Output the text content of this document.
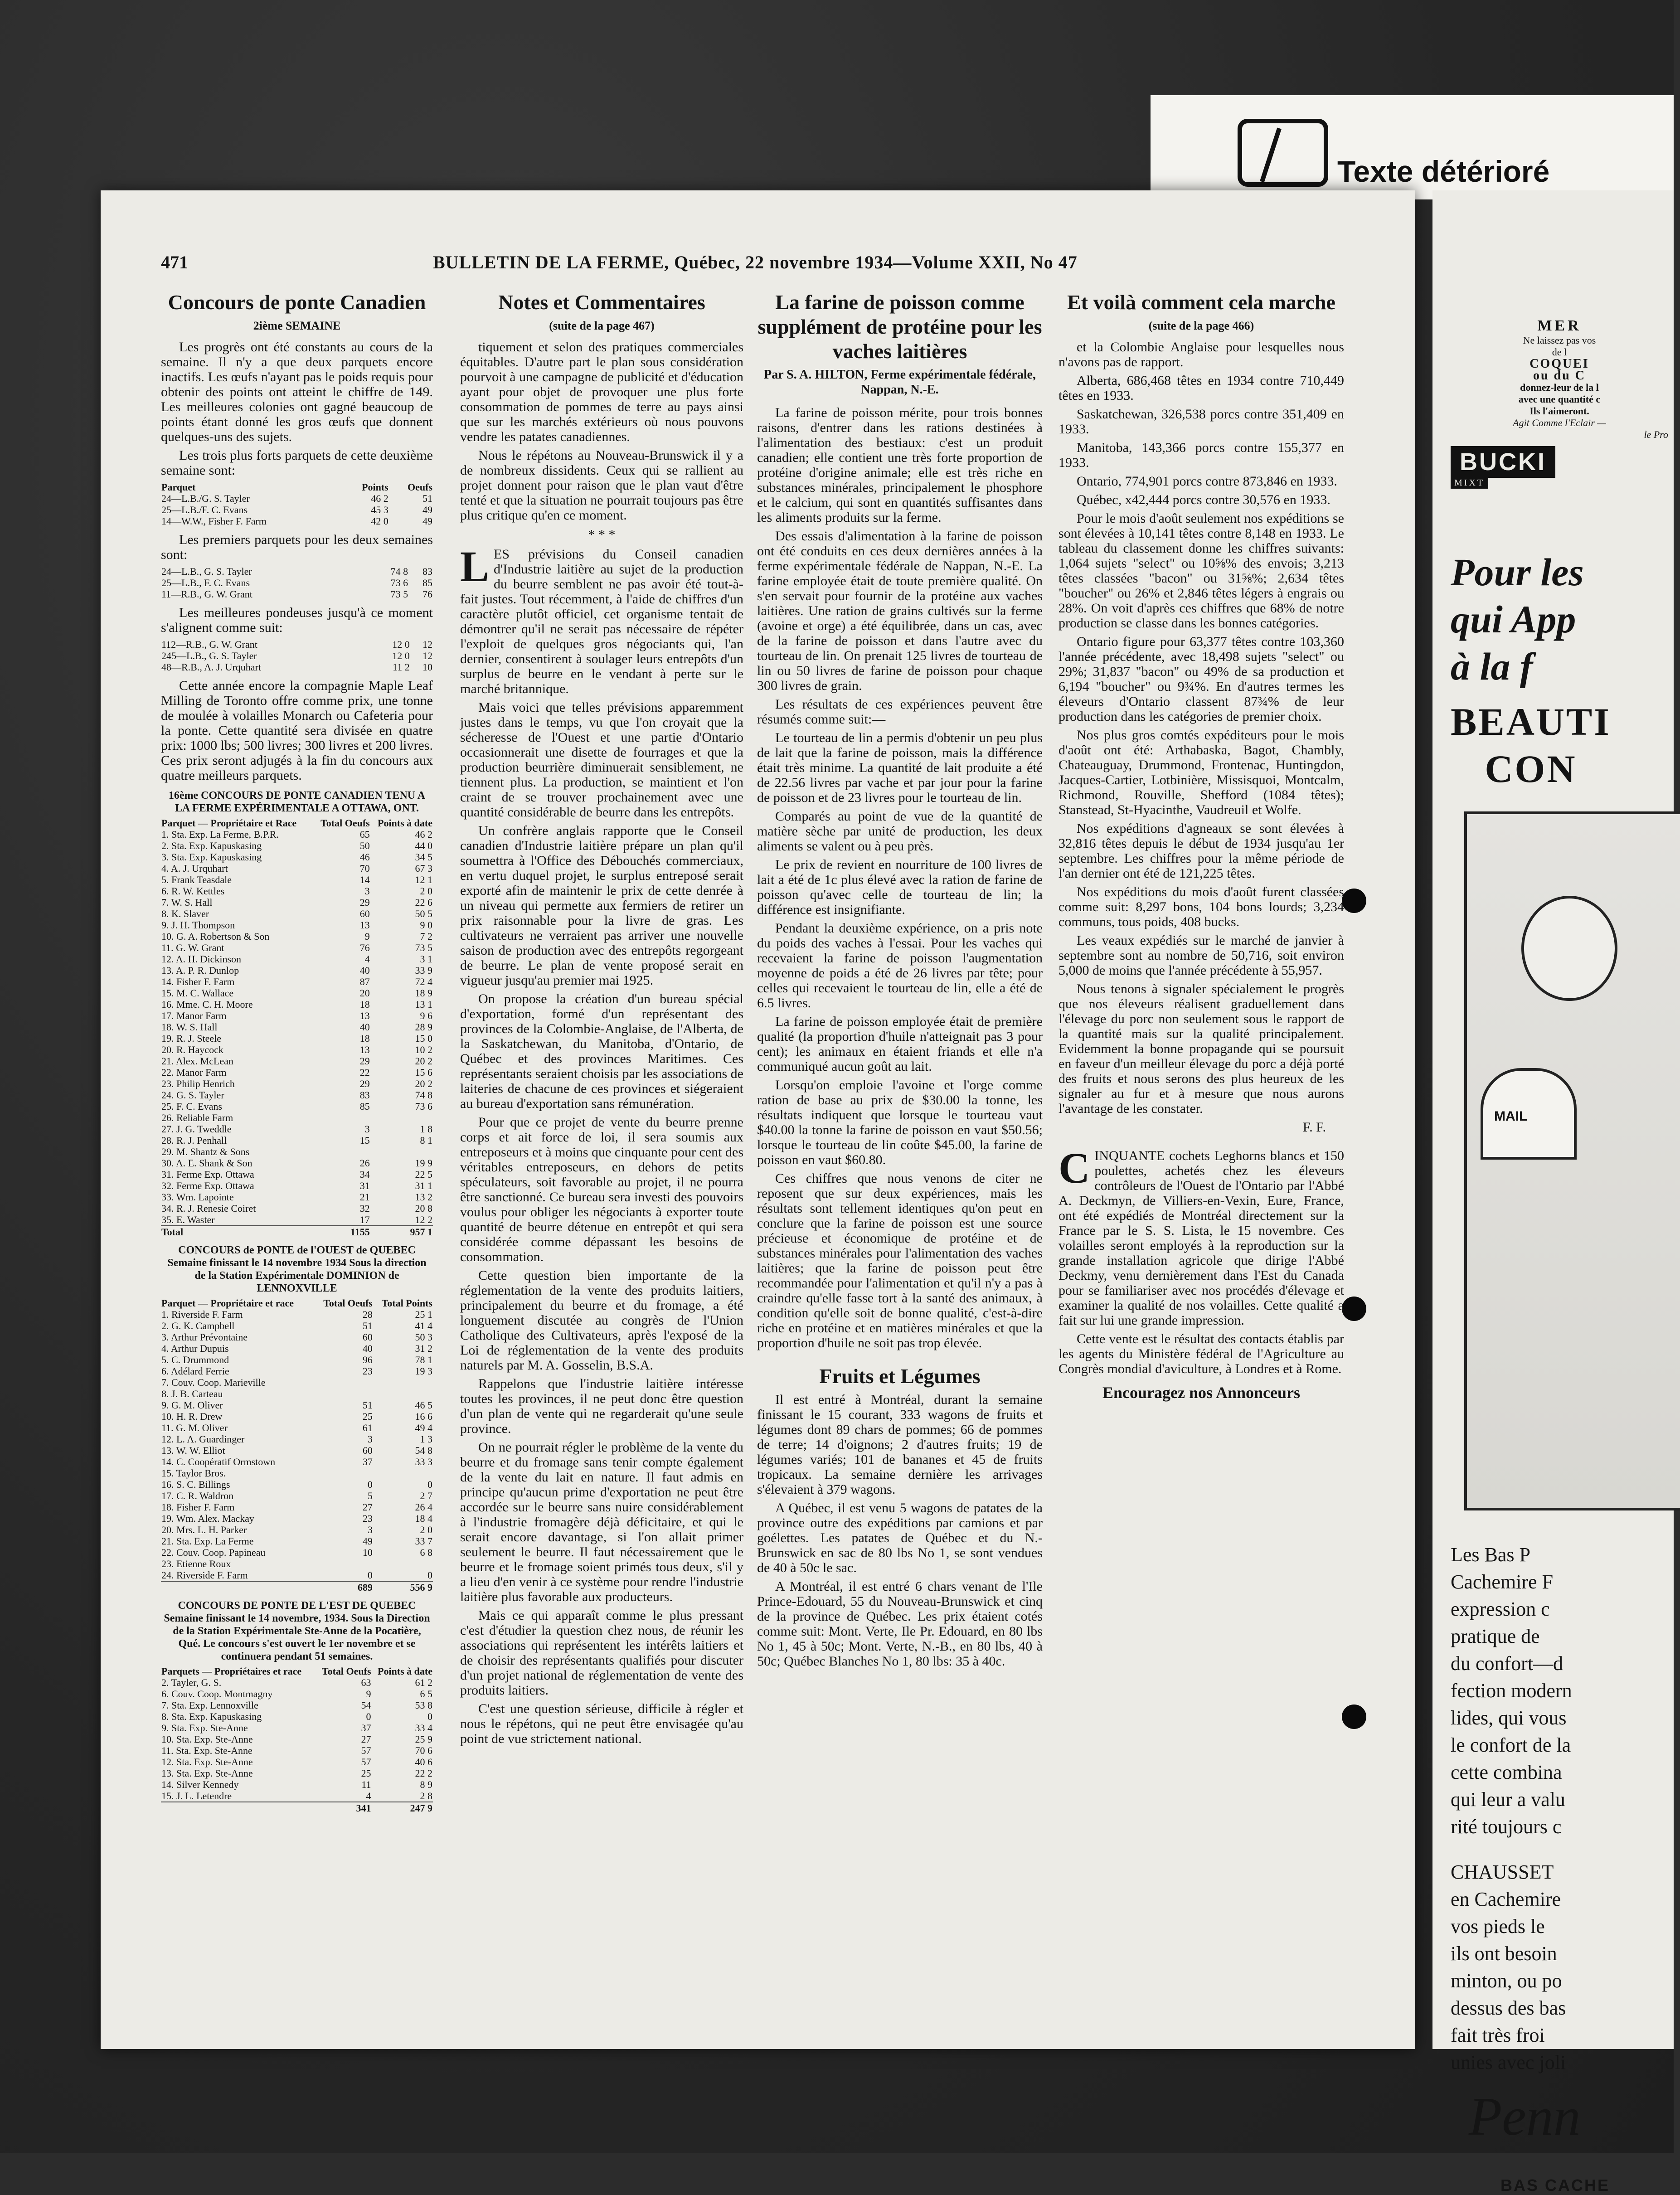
Texte détérioré
471	BULLETIN DE LA FERME, Québec, 22 novembre 1934—Volume XXII, No 47
Concours de ponte Canadien
2ième SEMAINE

Les progrès ont été constants au cours de la semaine. Il n'y a que deux parquets encore inactifs. Les œufs n'ayant pas le poids requis pour obtenir des points ont atteint le chiffre de 149. Les meilleures colonies ont gagné beaucoup de points étant donné les gros œufs que donnent quelques-uns des sujets.

Les trois plus forts parquets de cette deuxième semaine sont:

Parquet	Points	Oeufs
24—L.B./G. S. Tayler	46 2	51
25—L.B./F. C. Evans	45 3	49
14—W.W., Fisher F. Farm	42 0	49

Les premiers parquets pour les deux semaines sont:

24—L.B., G. S. Tayler	74 8	83
25—L.B., F. C. Evans	73 6	85
11—R.B., G. W. Grant	73 5	76

Les meilleures pondeuses jusqu'à ce moment s'alignent comme suit:

112—R.B., G. W. Grant	12 0	12
245—L.B., G. S. Tayler	12 0	12
48—R.B., A. J. Urquhart	11 2	10

Cette année encore la compagnie Maple Leaf Milling de Toronto offre comme prix, une tonne de moulée à volailles Monarch ou Cafeteria pour la ponte. Cette quantité sera divisée en quatre prix: 1000 lbs; 500 livres; 300 livres et 200 livres. Ces prix seront adjugés à la fin du concours aux quatre meilleurs parquets.

16ème CONCOURS DE PONTE CANADIEN TENU A LA FERME EXPÉRIMENTALE A OTTAWA, ONT.
Parquet — Propriétaire et Race	Total Oeufs	Points à date
1. Sta. Exp. La Ferme, B.P.R.	65	46 2
2. Sta. Exp. Kapuskasing	50	44 0
3. Sta. Exp. Kapuskasing	46	34 5
4. A. J. Urquhart	70	67 3
5. Frank Teasdale	14	12 1
6. R. W. Kettles	3	2 0
7. W. S. Hall	29	22 6
8. K. Slaver	60	50 5
9. J. H. Thompson	13	9 0
10. G. A. Robertson & Son	9	7 2
11. G. W. Grant	76	73 5
12. A. H. Dickinson	4	3 1
13. A. P. R. Dunlop	40	33 9
14. Fisher F. Farm	87	72 4
15. M. C. Wallace	20	18 9
16. Mme. C. H. Moore	18	13 1
17. Manor Farm	13	9 6
18. W. S. Hall	40	28 9
19. R. J. Steele	18	15 0
20. R. Haycock	13	10 2
21. Alex. McLean	29	20 2
22. Manor Farm	22	15 6
23. Philip Henrich	29	20 2
24. G. S. Tayler	83	74 8
25. F. C. Evans	85	73 6
26. Reliable Farm		
27. J. G. Tweddle	3	1 8
28. R. J. Penhall	15	8 1
29. M. Shantz & Sons		
30. A. E. Shank & Son	26	19 9
31. Ferme Exp. Ottawa	34	22 5
32. Ferme Exp. Ottawa	31	31 1
33. Wm. Lapointe	21	13 2
34. R. J. Renesie Coiret	32	20 8
35. E. Waster	17	12 2
Total	1155	957 1
CONCOURS de PONTE de l'OUEST de QUEBEC Semaine finissant le 14 novembre 1934 Sous la direction de la Station Expérimentale DOMINION de LENNOXVILLE
Parquet — Propriétaire et race	Total Oeufs	Total Points
1. Riverside F. Farm	28	25 1
2. G. K. Campbell	51	41 4
3. Arthur Prévontaine	60	50 3
4. Arthur Dupuis	40	31 2
5. C. Drummond	96	78 1
6. Adélard Ferrie	23	19 3
7. Couv. Coop. Marieville		
8. J. B. Carteau		
9. G. M. Oliver	51	46 5
10. H. R. Drew	25	16 6
11. G. M. Oliver	61	49 4
12. L. A. Guardinger	3	1 3
13. W. W. Elliot	60	54 8
14. C. Coopératif Ormstown	37	33 3
15. Taylor Bros.		
16. S. C. Billings	0	0
17. C. R. Waldron	5	2 7
18. Fisher F. Farm	27	26 4
19. Wm. Alex. Mackay	23	18 4
20. Mrs. L. H. Parker	3	2 0
21. Sta. Exp. La Ferme	49	33 7
22. Couv. Coop. Papineau	10	6 8
23. Etienne Roux		
24. Riverside F. Farm	0	0
	689	556 9
CONCOURS DE PONTE DE L'EST DE QUEBEC Semaine finissant le 14 novembre, 1934. Sous la Direction de la Station Expérimentale Ste-Anne de la Pocatière, Qué. Le concours s'est ouvert le 1er novembre et se continuera pendant 51 semaines.
Parquets — Propriétaires et race	Total Oeufs	Points à date
2. Tayler, G. S.	63	61 2
6. Couv. Coop. Montmagny	9	6 5
7. Sta. Exp. Lennoxville	54	53 8
8. Sta. Exp. Kapuskasing	0	0
9. Sta. Exp. Ste-Anne	37	33 4
10. Sta. Exp. Ste-Anne	27	25 9
11. Sta. Exp. Ste-Anne	57	70 6
12. Sta. Exp. Ste-Anne	57	40 6
13. Sta. Exp. Ste-Anne	25	22 2
14. Silver Kennedy	11	8 9
15. J. L. Letendre	4	2 8
	341	247 9
Notes et Commentaires
(suite de la page 467)

tiquement et selon des pratiques commerciales équitables. D'autre part le plan sous considération pourvoit à une campagne de publicité et d'éducation ayant pour objet de provoquer une plus forte consommation de pommes de terre au pays ainsi que sur les marchés extérieurs où nous pouvons vendre les patates canadiennes.

Nous le répétons au Nouveau-Brunswick il y a de nombreux dissidents. Ceux qui se rallient au projet donnent pour raison que le plan vaut d'être tenté et que la situation ne pourrait toujours pas être plus critique qu'en ce moment.

* * *

LES prévisions du Conseil canadien d'Industrie laitière au sujet de la production du beurre semblent ne pas avoir été tout-à-fait justes. Tout récemment, à l'aide de chiffres d'un caractère plutôt officiel, cet organisme tentait de démontrer qu'il ne serait pas nécessaire de répéter l'exploit de quelques gros négociants qui, l'an dernier, consentirent à soulager leurs entrepôts d'un surplus de beurre en le vendant à perte sur le marché britannique.

Mais voici que telles prévisions apparemment justes dans le temps, vu que l'on croyait que la sécheresse de l'Ouest et une partie d'Ontario occasionnerait une disette de fourrages et que la production beurrière diminuerait sensiblement, ne tiennent plus. La production, se maintient et l'on craint de se trouver prochainement avec une quantité considérable de beurre dans les entrepôts.

Un confrère anglais rapporte que le Conseil canadien d'Industrie laitière prépare un plan qu'il soumettra à l'Office des Débouchés commerciaux, en vertu duquel projet, le surplus entreposé serait exporté afin de maintenir le prix de cette denrée à un niveau qui permette aux fermiers de retirer un prix raisonnable pour la livre de gras. Les cultivateurs ne verraient pas arriver une nouvelle saison de production avec des entrepôts regorgeant de beurre. Le plan de vente proposé serait en vigueur jusqu'au premier mai 1925.

On propose la création d'un bureau spécial d'exportation, formé d'un représentant des provinces de la Colombie-Anglaise, de l'Alberta, de la Saskatchewan, du Manitoba, d'Ontario, de Québec et des provinces Maritimes. Ces représentants seraient choisis par les associations de laiteries de chacune de ces provinces et siégeraient au bureau d'exportation sans rémunération.

Pour que ce projet de vente du beurre prenne corps et ait force de loi, il sera soumis aux entreposeurs et à moins que cinquante pour cent des véritables entreposeurs, en dehors de petits spéculateurs, soit favorable au projet, il ne pourra être sanctionné. Ce bureau sera investi des pouvoirs voulus pour obliger les négociants à exporter toute quantité de beurre détenue en entrepôt et qui sera considérée comme dépassant les besoins de consommation.

Cette question bien importante de la réglementation de la vente des produits laitiers, principalement du beurre et du fromage, a été longuement discutée au congrès de l'Union Catholique des Cultivateurs, après l'exposé de la Loi de réglementation de la vente des produits naturels par M. A. Gosselin, B.S.A.

Rappelons que l'industrie laitière intéresse toutes les provinces, il ne peut donc être question d'un plan de vente qui ne regarderait qu'une seule province.

On ne pourrait régler le problème de la vente du beurre et du fromage sans tenir compte également de la vente du lait en nature. Il faut admis en principe qu'aucun prime d'exportation ne peut être accordée sur le beurre sans nuire considérablement à l'industrie fromagère déjà déficitaire, et qui le serait encore davantage, si l'on allait primer seulement le beurre. Il faut nécessairement que le beurre et le fromage soient primés tous deux, s'il y a lieu d'en venir à ce système pour rendre l'industrie laitière plus favorable aux producteurs.

Mais ce qui apparaît comme le plus pressant c'est d'étudier la question chez nous, de réunir les associations qui représentent les intérêts laitiers et de choisir des représentants qualifiés pour discuter d'un projet national de réglementation de vente des produits laitiers.

C'est une question sérieuse, difficile à régler et nous le répétons, qui ne peut être envisagée qu'au point de vue strictement national.

La farine de poisson comme supplément de protéine pour les vaches laitières
Par S. A. HILTON, Ferme expérimentale fédérale, Nappan, N.-E.

La farine de poisson mérite, pour trois bonnes raisons, d'entrer dans les rations destinées à l'alimentation des bestiaux: c'est un produit canadien; elle contient une très forte proportion de protéine d'origine animale; elle est très riche en substances minérales, principalement le phosphore et le calcium, qui sont en quantités suffisantes dans les aliments produits sur la ferme.

Des essais d'alimentation à la farine de poisson ont été conduits en ces deux dernières années à la ferme expérimentale fédérale de Nappan, N.-E. La farine employée était de toute première qualité. On s'en servait pour fournir de la protéine aux vaches laitières. Une ration de grains cultivés sur la ferme (avoine et orge) a été équilibrée, dans un cas, avec de la farine de poisson et dans l'autre avec du tourteau de lin. On prenait 125 livres de tourteau de lin ou 50 livres de farine de poisson pour chaque 300 livres de grain.

Les résultats de ces expériences peuvent être résumés comme suit:—

Le tourteau de lin a permis d'obtenir un peu plus de lait que la farine de poisson, mais la différence était très minime. La quantité de lait produite a été de 22.56 livres par vache et par jour pour la farine de poisson et de 23 livres pour le tourteau de lin.

Comparés au point de vue de la quantité de matière sèche par unité de production, les deux aliments se valent ou à peu près.

Le prix de revient en nourriture de 100 livres de lait a été de 1c plus élevé avec la ration de farine de poisson qu'avec celle de tourteau de lin; la différence est insignifiante.

Pendant la deuxième expérience, on a pris note du poids des vaches à l'essai. Pour les vaches qui recevaient la farine de poisson l'augmentation moyenne de poids a été de 26 livres par tête; pour celles qui recevaient le tourteau de lin, elle a été de 6.5 livres.

La farine de poisson employée était de première qualité (la proportion d'huile n'atteignait pas 3 pour cent); les animaux en étaient friands et elle n'a communiqué aucun goût au lait.

Lorsqu'on emploie l'avoine et l'orge comme ration de base au prix de $30.00 la tonne, les résultats indiquent que lorsque le tourteau vaut $40.00 la tonne la farine de poisson en vaut $50.56; lorsque le tourteau de lin coûte $45.00, la farine de poisson en vaut $60.80.

Ces chiffres que nous venons de citer ne reposent que sur deux expériences, mais les résultats sont tellement identiques qu'on peut en conclure que la farine de poisson est une source précieuse et économique de protéine et de substances minérales pour l'alimentation des vaches laitières; que la farine de poisson peut être recommandée pour l'alimentation et qu'il n'y a pas à craindre qu'elle fasse tort à la santé des animaux, à condition qu'elle soit de bonne qualité, c'est-à-dire riche en protéine et en matières minérales et que la proportion d'huile ne soit pas trop élevée.

Fruits et Légumes

Il est entré à Montréal, durant la semaine finissant le 15 courant, 333 wagons de fruits et légumes dont 89 chars de pommes; 66 de pommes de terre; 14 d'oignons; 2 d'autres fruits; 19 de légumes variés; 101 de bananes et 45 de fruits tropicaux. La semaine dernière les arrivages s'élevaient à 379 wagons.

A Québec, il est venu 5 wagons de patates de la province outre des expéditions par camions et par goélettes. Les patates de Québec et du N.-Brunswick en sac de 80 lbs No 1, se sont vendues de 40 à 50c le sac.

A Montréal, il est entré 6 chars venant de l'Ile Prince-Edouard, 55 du Nouveau-Brunswick et cinq de la province de Québec. Les prix étaient cotés comme suit: Mont. Verte, Ile Pr. Edouard, en 80 lbs No 1, 45 à 50c; Mont. Verte, N.-B., en 80 lbs, 40 à 50c; Québec Blanches No 1, 80 lbs: 35 à 40c.

Et voilà comment cela marche
(suite de la page 466)

et la Colombie Anglaise pour lesquelles nous n'avons pas de rapport.

Alberta, 686,468 têtes en 1934 contre 710,449 têtes en 1933.

Saskatchewan, 326,538 porcs contre 351,409 en 1933.

Manitoba, 143,366 porcs contre 155,377 en 1933.

Ontario, 774,901 porcs contre 873,846 en 1933.

Québec, x42,444 porcs contre 30,576 en 1933.

Pour le mois d'août seulement nos expéditions se sont élevées à 10,141 têtes contre 8,148 en 1933. Le tableau du classement donne les chiffres suivants: 1,064 sujets "select" ou 10⅝% des envois; 3,213 têtes classées "bacon" ou 31⅝%; 2,634 têtes "boucher" ou 26% et 2,846 têtes légers à engrais ou 28%. On voit d'après ces chiffres que 68% de notre production se classe dans les bonnes catégories.

Ontario figure pour 63,377 têtes contre 103,360 l'année précédente, avec 18,498 sujets "select" ou 29%; 31,837 "bacon" ou 49% de sa production et 6,194 "boucher" ou 9¾%. En d'autres termes les éleveurs d'Ontario classent 87¾% de leur production dans les catégories de premier choix.

Nos plus gros comtés expéditeurs pour le mois d'août ont été: Arthabaska, Bagot, Chambly, Chateauguay, Drummond, Frontenac, Huntingdon, Jacques-Cartier, Lotbinière, Missisquoi, Montcalm, Richmond, Rouville, Shefford (1084 têtes); Stanstead, St-Hyacinthe, Vaudreuil et Wolfe.

Nos expéditions d'agneaux se sont élevées à 32,816 têtes depuis le début de 1934 jusqu'au 1er septembre. Les chiffres pour la même période de l'an dernier ont été de 121,225 têtes.

Nos expéditions du mois d'août furent classées comme suit: 8,297 bons, 104 bons lourds; 3,234 communs, tous poids, 408 bucks.

Les veaux expédiés sur le marché de janvier à septembre sont au nombre de 50,716, soit environ 5,000 de moins que l'année précédente à 55,957.

Nous tenons à signaler spécialement le progrès que nos éleveurs réalisent graduellement dans l'élevage du porc non seulement sous le rapport de la quantité mais sur la qualité principalement. Evidemment la bonne propagande qui se poursuit en faveur d'un meilleur élevage du porc a déjà porté des fruits et nous serons des plus heureux de les signaler au fur et à mesure que nous aurons l'avantage de les constater.

F. F.

CINQUANTE cochets Leghorns blancs et 150 poulettes, achetés chez les éleveurs contrôleurs de l'Ouest de l'Ontario par l'Abbé A. Deckmyn, de Villiers-en-Vexin, Eure, France, ont été expédiés de Montréal directement sur la France par le S. S. Lista, le 15 novembre. Ces volailles seront employés à la reproduction sur la grande installation agricole que dirige l'Abbé Deckmy, venu dernièrement dans l'Est du Canada pour se familiariser avec nos procédés d'élevage et examiner la qualité de nos volailles. Cette qualité a fait sur lui une grande impression.

Cette vente est le résultat des contacts établis par les agents du Ministère fédéral de l'Agriculture au Congrès mondial d'aviculture, à Londres et à Rome.

Encouragez nos Annonceurs
MER
Ne laissez pas vos
de l
COQUEI
ou du C
donnez-leur de la l
avec une quantité c
Ils l'aimeront.
Agit Comme l'Eclair —
le Pro
BUCKI
MIXT
Pour les
qui App
à la f
BEAUTI
CON
MAIL
Les Bas P
Cachemire F
expression c
pratique de
du confort—d
fection modern
lides, qui vous
le confort de la
cette combina
qui leur a valu
rité toujours c
CHAUSSET
en Cachemire
vos pieds le
ils ont besoin
minton, ou po
dessus des bas
fait très froi
unies avec joli
Penn
BAS CACHE
